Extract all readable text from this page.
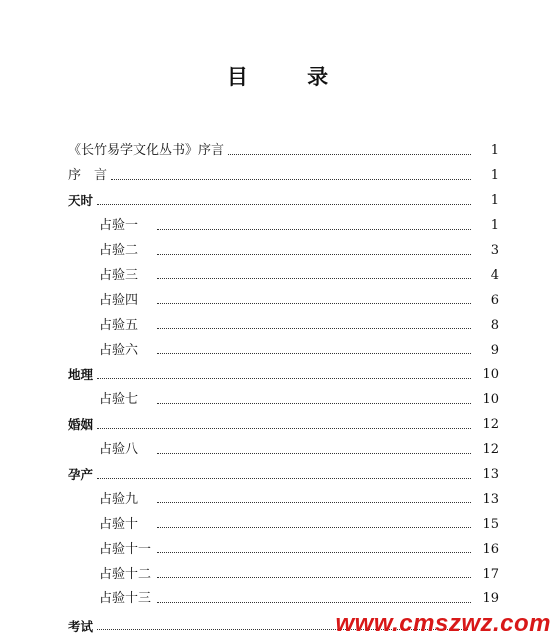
目 录
《长竹易学文化丛书》序言	1
序　言	1
天时	1
占验一	1
占验二	3
占验三	4
占验四	6
占验五	8
占验六	9
地理	10
占验七	10
婚姻	12
占验八	12
孕产	13
占验九	13
占验十	15
占验十一	16
占验十二	17
占验十三	19
考试	www.cmszwz.com
